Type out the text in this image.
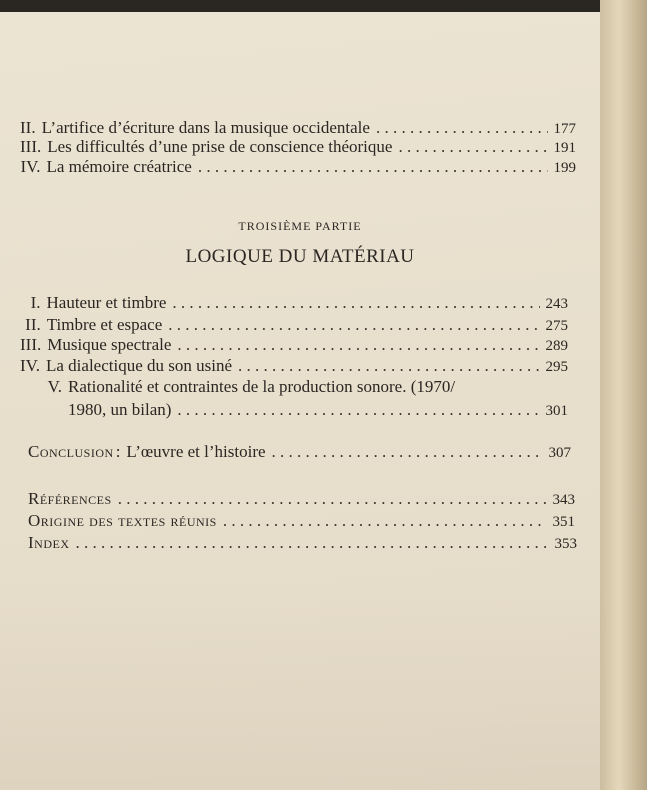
II. L’artifice d’écriture dans la musique occidentale . . .	177
III. Les difficultés d’une prise de conscience théorique . . .	191
IV. La mémoire créatrice . . .	199
TROISIÈME PARTIE
LOGIQUE DU MATÉRIAU
I. Hauteur et timbre . . .	243
II. Timbre et espace . . .	275
III. Musique spectrale . . .	289
IV. La dialectique du son usiné . . .	295
V. Rationalité et contraintes de la production sonore. (1970/
1980, un bilan) . . .	301
Conclusion : L’œuvre et l’histoire . . .	307
Références . . .	343
Origine des textes réunis . . .	351
Index . . .	353
